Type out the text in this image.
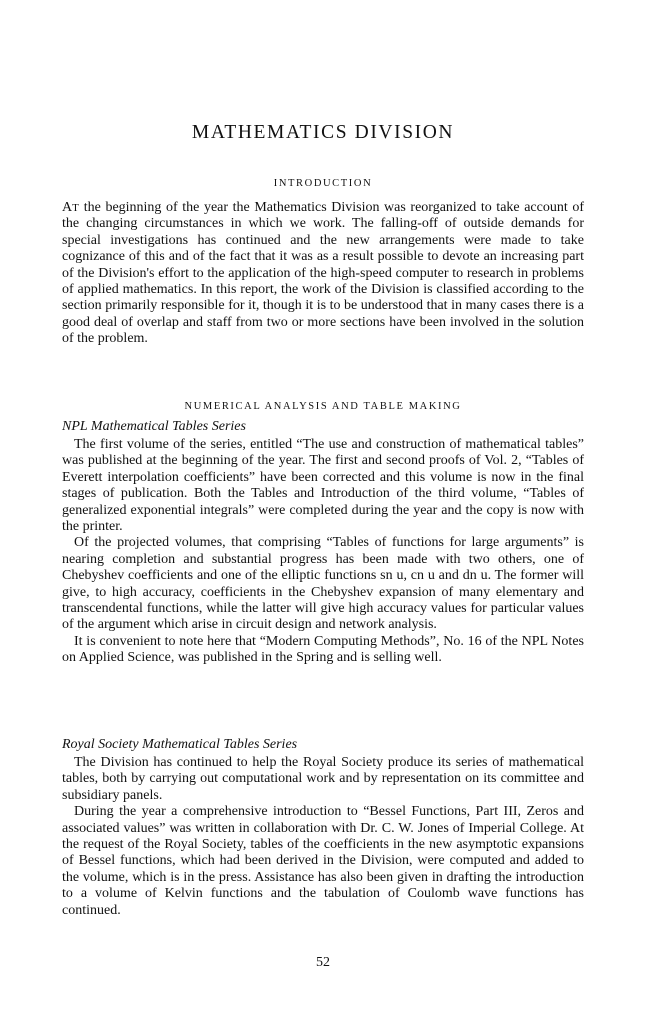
MATHEMATICS DIVISION
INTRODUCTION

AT the beginning of the year the Mathematics Division was reorganized to take account of the changing circumstances in which we work. The falling-off of outside demands for special investigations has continued and the new arrangements were made to take cognizance of this and of the fact that it was as a result possible to devote an increasing part of the Division's effort to the application of the high-speed computer to research in problems of applied mathematics. In this report, the work of the Division is classified according to the section primarily responsible for it, though it is to be understood that in many cases there is a good deal of overlap and staff from two or more sections have been involved in the solution of the problem.

NUMERICAL ANALYSIS AND TABLE MAKING
NPL Mathematical Tables Series

The first volume of the series, entitled “The use and construction of mathematical tables” was published at the beginning of the year. The first and second proofs of Vol. 2, “Tables of Everett interpolation coefficients” have been corrected and this volume is now in the final stages of publication. Both the Tables and Introduction of the third volume, “Tables of generalized exponential integrals” were completed during the year and the copy is now with the printer.

Of the projected volumes, that comprising “Tables of functions for large arguments” is nearing completion and substantial progress has been made with two others, one of Chebyshev coefficients and one of the elliptic functions sn u, cn u and dn u. The former will give, to high accuracy, coefficients in the Chebyshev expansion of many elementary and transcendental functions, while the latter will give high accuracy values for particular values of the argument which arise in circuit design and network analysis.

It is convenient to note here that “Modern Computing Methods”, No. 16 of the NPL Notes on Applied Science, was published in the Spring and is selling well.

Royal Society Mathematical Tables Series

The Division has continued to help the Royal Society produce its series of mathematical tables, both by carrying out computational work and by representation on its committee and subsidiary panels.

During the year a comprehensive introduction to “Bessel Functions, Part III, Zeros and associated values” was written in collaboration with Dr. C. W. Jones of Imperial College. At the request of the Royal Society, tables of the coefficients in the new asymptotic expansions of Bessel functions, which had been derived in the Division, were computed and added to the volume, which is in the press. Assistance has also been given in drafting the introduction to a volume of Kelvin functions and the tabulation of Coulomb wave functions has continued.

52
